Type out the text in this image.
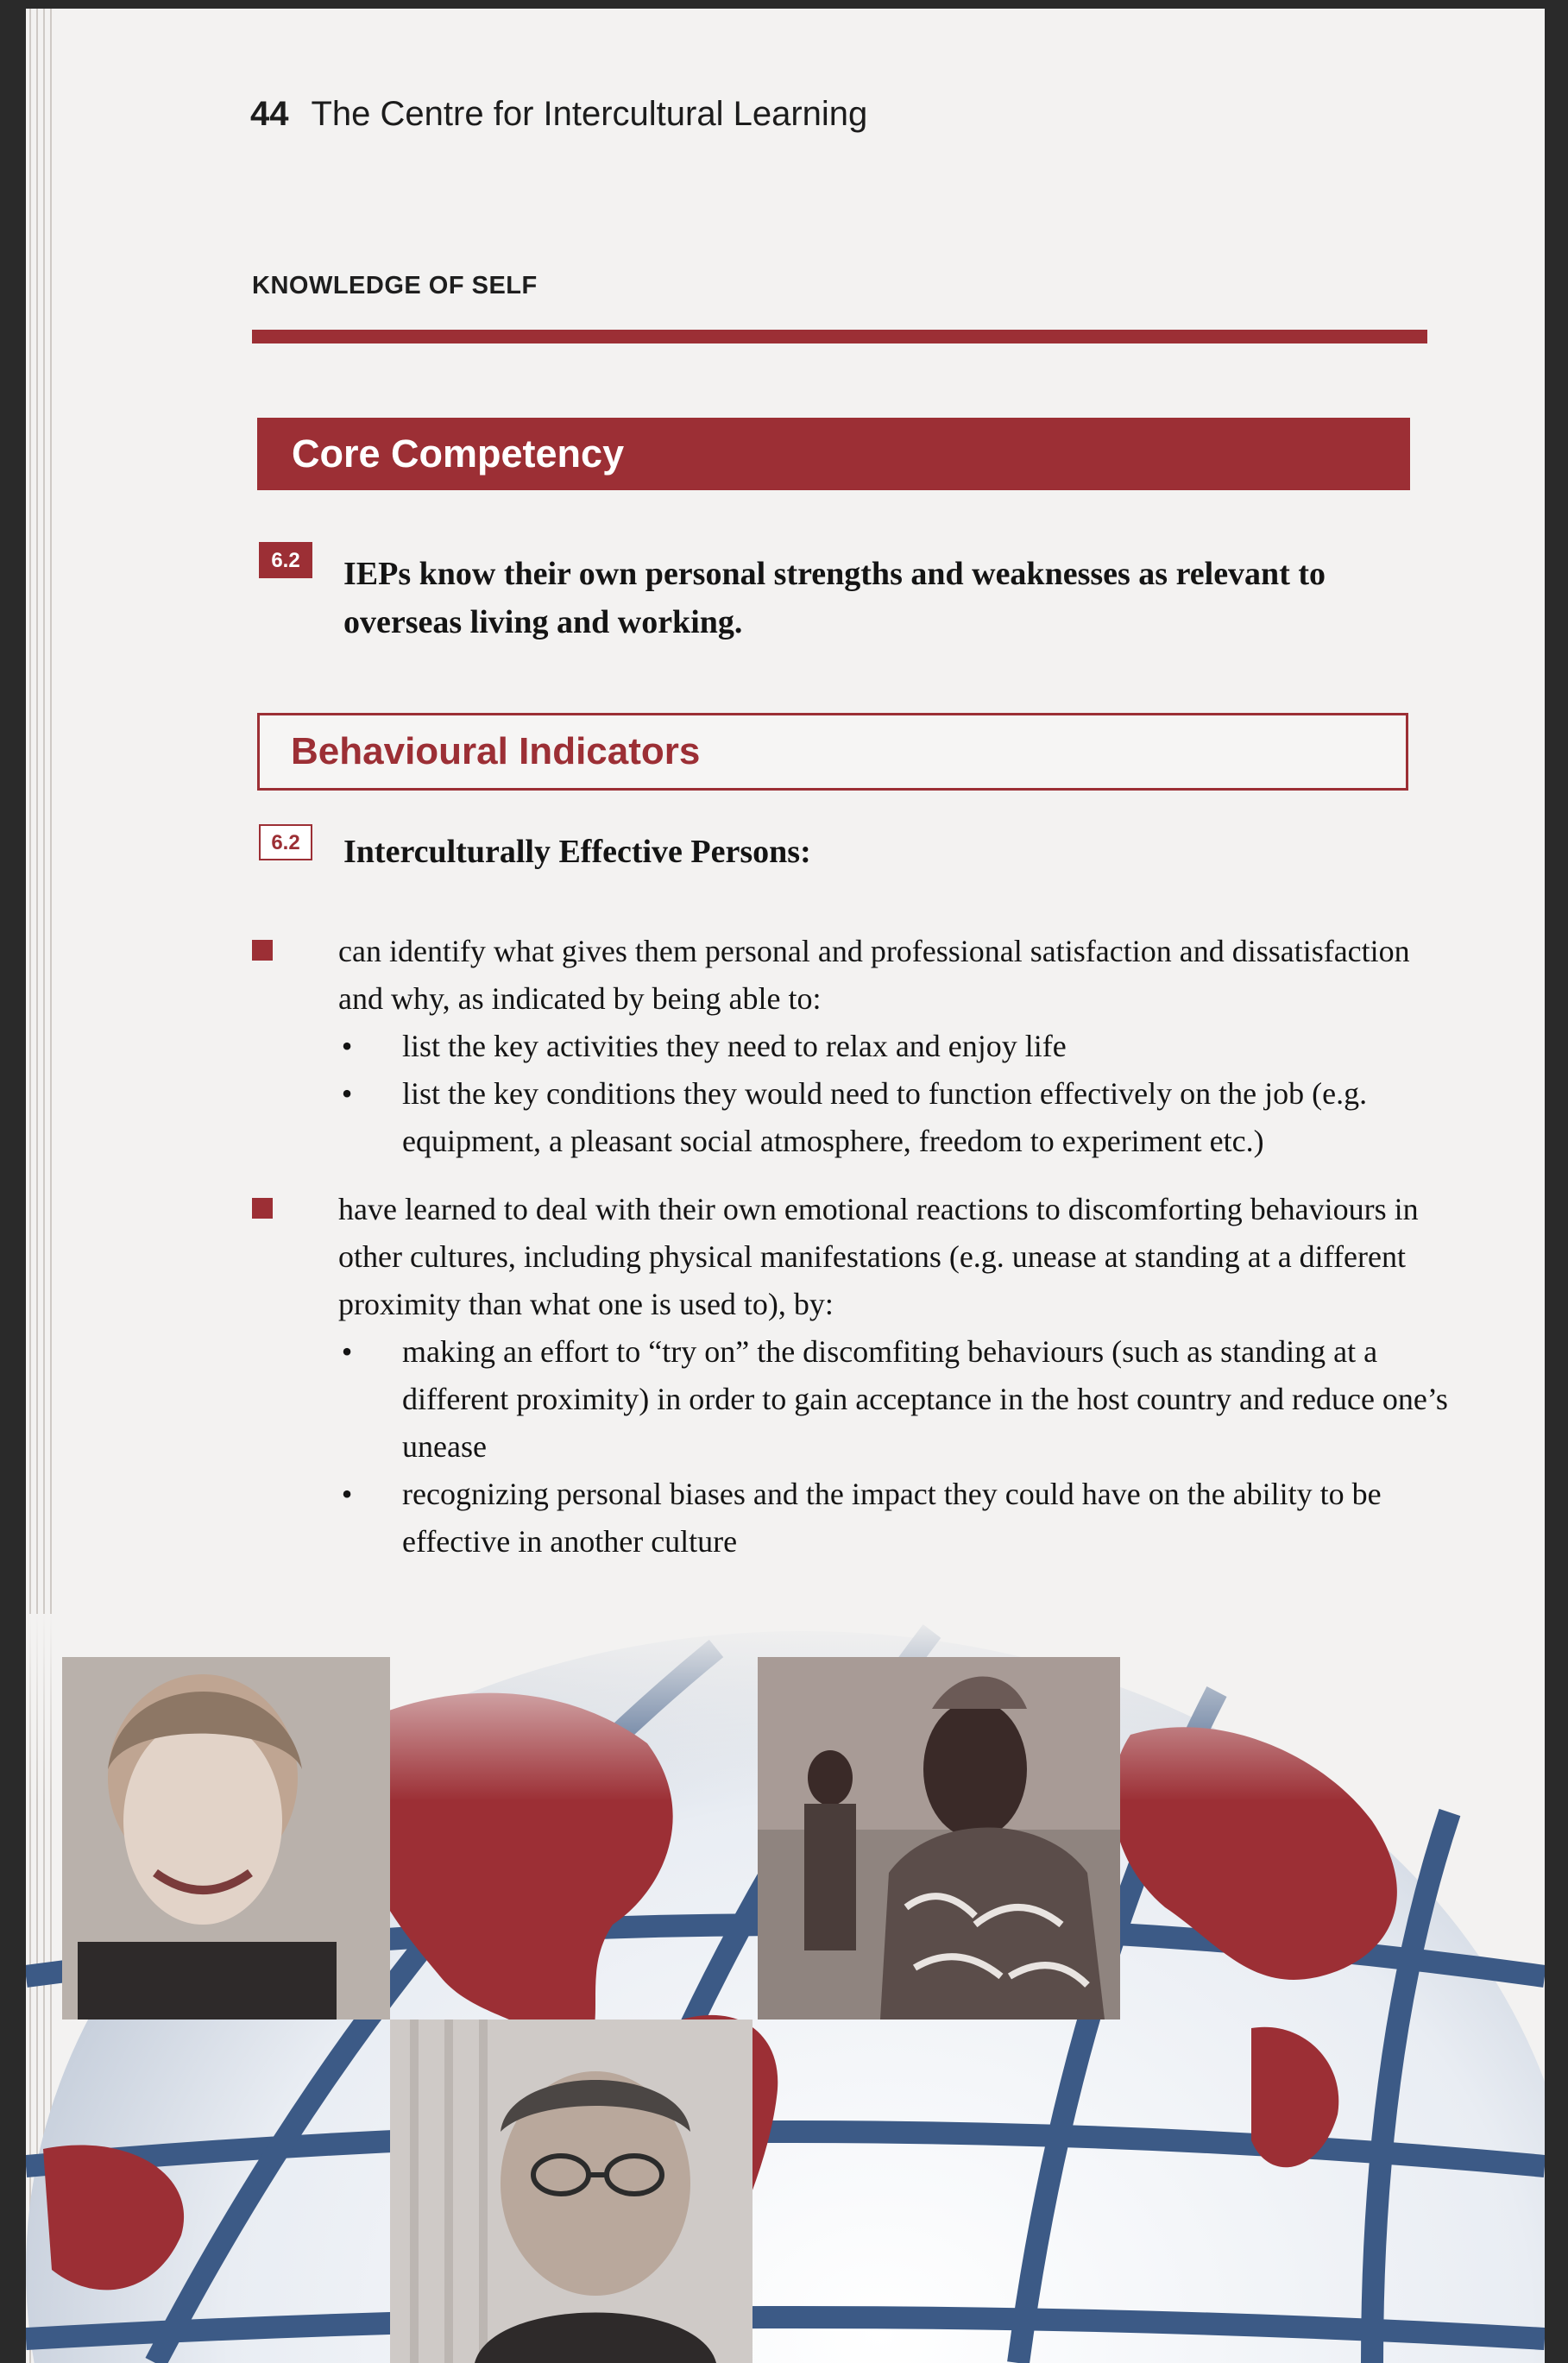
44 The Centre for Intercultural Learning
KNOWLEDGE OF SELF
Core Competency
6.2	IEPs know their own personal strengths and weaknesses as relevant to overseas living and working.
Behavioural Indicators
6.2	Interculturally Effective Persons:
can identify what gives them personal and professional satisfaction and dissatisfaction and why, as indicated by being able to:
• list the key activities they need to relax and enjoy life
• list the key conditions they would need to function effectively on the job (e.g. equipment, a pleasant social atmosphere, freedom to experiment etc.)
have learned to deal with their own emotional reactions to discomforting behaviours in other cultures, including physical manifestations (e.g. unease at standing at a different proximity than what one is used to), by:
• making an effort to “try on” the discomfiting behaviours (such as standing at a different proximity) in order to gain acceptance in the host country and reduce one’s unease
• recognizing personal biases and the impact they could have on the ability to be effective in another culture
